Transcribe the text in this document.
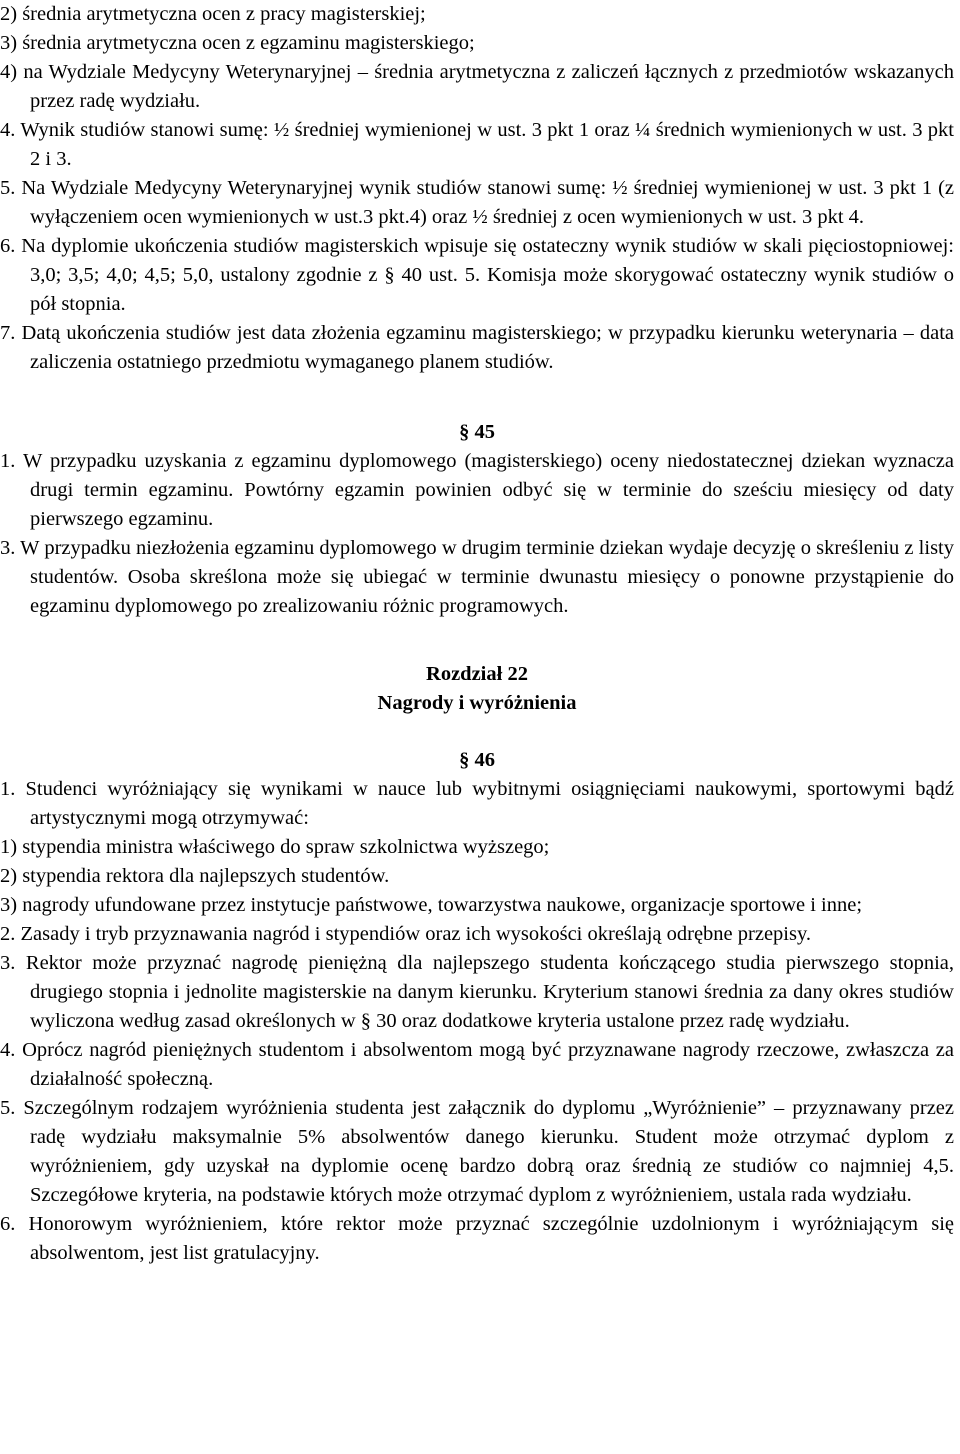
2) średnia arytmetyczna ocen z pracy magisterskiej;

3) średnia arytmetyczna ocen z egzaminu magisterskiego;

4) na Wydziale Medycyny Weterynaryjnej – średnia arytmetyczna z zaliczeń łącznych z przedmiotów wskazanych przez radę wydziału.

4. Wynik studiów stanowi sumę: ½ średniej wymienionej w ust. 3 pkt 1 oraz ¼ średnich wymienionych w ust. 3 pkt 2 i 3.

5. Na Wydziale Medycyny Weterynaryjnej wynik studiów stanowi sumę: ½ średniej wymienionej w ust. 3 pkt 1 (z wyłączeniem ocen wymienionych w ust.3 pkt.4) oraz ½ średniej z ocen wymienionych w ust. 3 pkt 4.

6. Na dyplomie ukończenia studiów magisterskich wpisuje się ostateczny wynik studiów w skali pięciostopniowej: 3,0; 3,5; 4,0; 4,5; 5,0, ustalony zgodnie z § 40 ust. 5. Komisja może skorygować ostateczny wynik studiów o pół stopnia.

7. Datą ukończenia studiów jest data złożenia egzaminu magisterskiego; w przypadku kierunku weterynaria – data zaliczenia ostatniego przedmiotu wymaganego planem studiów.

§ 45

1. W przypadku uzyskania z egzaminu dyplomowego (magisterskiego) oceny niedostatecznej dziekan wyznacza drugi termin egzaminu. Powtórny egzamin powinien odbyć się w terminie do sześciu miesięcy od daty pierwszego egzaminu.

3. W przypadku niezłożenia egzaminu dyplomowego w drugim terminie dziekan wydaje decyzję o skreśleniu z listy studentów. Osoba skreślona może się ubiegać w terminie dwunastu miesięcy o ponowne przystąpienie do egzaminu dyplomowego po zrealizowaniu różnic programowych.

Rozdział 22

Nagrody i wyróżnienia

§ 46

1. Studenci wyróżniający się wynikami w nauce lub wybitnymi osiągnięciami naukowymi, sportowymi bądź artystycznymi mogą otrzymywać:

1) stypendia ministra właściwego do spraw szkolnictwa wyższego;

2) stypendia rektora dla najlepszych studentów.

3) nagrody ufundowane przez instytucje państwowe, towarzystwa naukowe, organizacje sportowe i inne;

2. Zasady i tryb przyznawania nagród i stypendiów oraz ich wysokości określają odrębne przepisy.

3. Rektor może przyznać nagrodę pieniężną dla najlepszego studenta kończącego studia pierwszego stopnia, drugiego stopnia i jednolite magisterskie na danym kierunku. Kryterium stanowi średnia za dany okres studiów wyliczona według zasad określonych w § 30 oraz dodatkowe kryteria ustalone przez radę wydziału.

4. Oprócz nagród pieniężnych studentom i absolwentom mogą być przyznawane nagrody rzeczowe, zwłaszcza za działalność społeczną.

5. Szczególnym rodzajem wyróżnienia studenta jest załącznik do dyplomu „Wyróżnienie” – przyznawany przez radę wydziału maksymalnie 5% absolwentów danego kierunku. Student może otrzymać dyplom z wyróżnieniem, gdy uzyskał na dyplomie ocenę bardzo dobrą oraz średnią ze studiów co najmniej 4,5. Szczegółowe kryteria, na podstawie których może otrzymać dyplom z wyróżnieniem, ustala rada wydziału.

6. Honorowym wyróżnieniem, które rektor może przyznać szczególnie uzdolnionym i wyróżniającym się absolwentom, jest list gratulacyjny.
